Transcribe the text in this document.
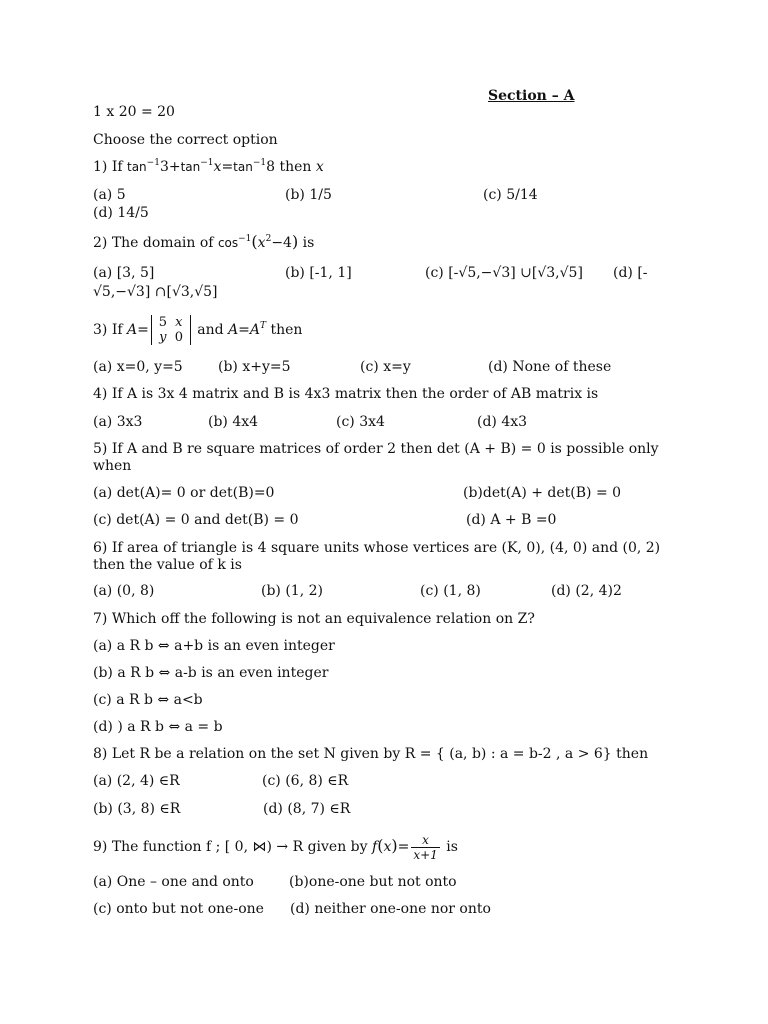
Section – A
1 x 20 = 20
Choose the correct option
1) If $\tan^{-1}3+\tan^{-1}x=\tan^{-1}8$ then x
(a) 5	(b) 1/5	(c) 5/14
(d) 14/5
2) The domain of $\cos^{-1}(x^2-4)$ is
(a) [3, 5]	(b) [-1, 1]	(c) [-√5,−√3] ∪[√3,√5] (d) [-
√5,−√3] ∩[√3,√5]
3) If A= 5 x
y 0 and $A=A^T$ then
(a) x=0, y=5	(b) x+y=5	(c) x=y	(d) None of these
4) If A is 3x 4 matrix and B is 4x3 matrix then the order of AB matrix is
(a) 3x3	(b) 4x4	(c) 3x4	(d) 4x3
5) If A and B re square matrices of order 2 then det (A + B) = 0 is possible only when
(a) det(A)= 0 or det(B)=0	(b)det(A) + det(B) = 0
(c) det(A) = 0 and det(B) = 0	(d) A + B =0
6) If area of triangle is 4 square units whose vertices are (K, 0), (4, 0) and (0, 2) then the value of k is
(a) (0, 8)	(b) (1, 2)	(c) (1, 8)	(d) (2, 4)2
7) Which off the following is not an equivalence relation on Z?
(a) a R b ⇔ a+b is an even integer
(b) a R b ⇔ a-b is an even integer
(c) a R b ⇔ a<b
(d) ) a R b ⇔ a = b
8) Let R be a relation on the set N given by R = { (a, b) : a = b-2 , a > 6} then
(a) (2, 4) ∈R	(c) (6, 8) ∈R
(b) (3, 8) ∈R	(d) (8, 7) ∈R
9) The function f ; [ 0, ⋈) → R given by $f(x)= \frac{x}{x+1}$ is
(a) One – one and onto	(b)one-one but not onto
(c) onto but not one-one (d) neither one-one nor onto
